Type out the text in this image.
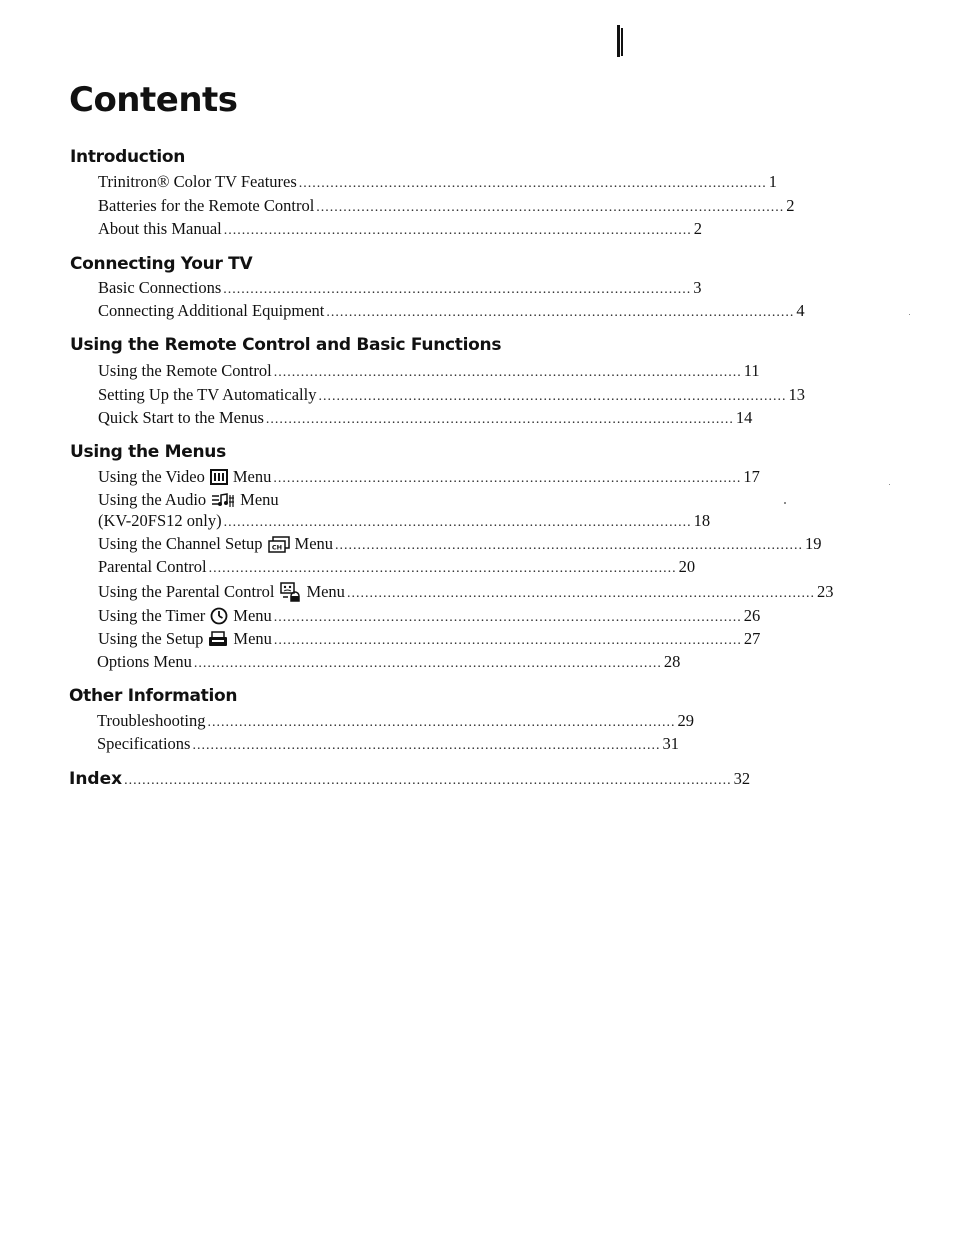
Contents
Introduction
Trinitron® Color TV Features ........................................................................................................ 1
Batteries for the Remote Control ........................................................................................................ 2
About this Manual ........................................................................................................ 2
Connecting Your TV
Basic Connections ........................................................................................................ 3
Connecting Additional Equipment ........................................................................................................ 4
Using the Remote Control and Basic Functions
Using the Remote Control ........................................................................................................ 11
Setting Up the TV Automatically ........................................................................................................ 13
Quick Start to the Menus ........................................................................................................ 14
Using the Menus
Using the Video Menu ........................................................................................................ 17
Using the Audio Menu
(KV-20FS12 only) ........................................................................................................ 18
Using the Channel Setup CH Menu ........................................................................................................ 19
Parental Control ........................................................................................................ 20
Using the Parental Control Menu ........................................................................................................ 23
Using the Timer Menu ........................................................................................................ 26
Using the Setup Menu ........................................................................................................ 27
Options Menu ........................................................................................................ 28
Other Information
Troubleshooting ........................................................................................................ 29
Specifications ........................................................................................................ 31
Index ....................................................................................................................................... 32
